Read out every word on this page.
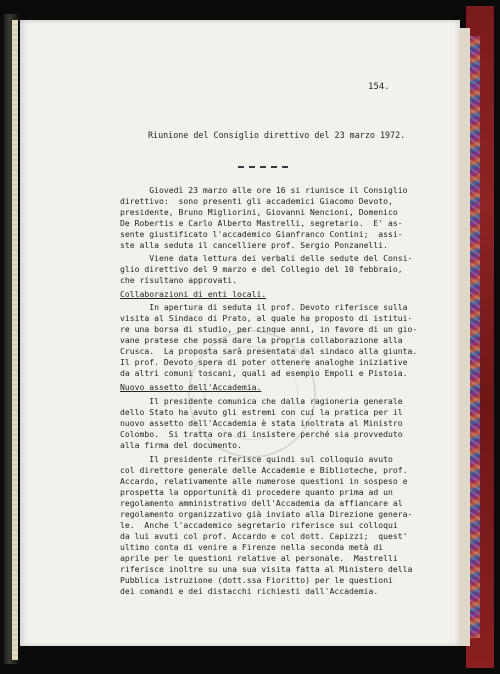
154.
Riunione del Consiglio direttivo del 23 marzo 1972.
Giovedì 23 marzo alle ore 16 si riunisce il Consiglio
direttivo:  sono presenti gli accademici Giacomo Devoto,
presidente, Bruno Migliorini, Giovanni Nencioni, Domenico
De Robertis e Carlo Alberto Mastrelli, segretario.  E' as-
sente giustificato l'accademico Gianfranco Contini;  assi-
ste alla seduta il cancelliere prof. Sergio Ponzanelli.
Viene data lettura dei verbali delle sedute del Consi-
glio direttivo del 9 marzo e del Collegio del 10 febbraio,
che risultano approvati.
Collaborazioni di enti locali.
In apertura di seduta il prof. Devoto riferisce sulla
visita al Sindaco di Prato, al quale ha proposto di istitui-
re una borsa di studio, per cinque anni, in favore di un gio-
vane pratese che possa dare la propria collaborazione alla
Crusca.  La proposta sarà presentata dal sindaco alla giunta.
Il prof. Devoto spera di poter ottenere analoghe iniziative
da altri comuni toscani, quali ad esempio Empoli e Pistoia.
Nuovo assetto dell'Accademia.
Il presidente comunica che dalla ragioneria generale
dello Stato ha avuto gli estremi con cui la pratica per il
nuovo assetto dell'Accademia è stata inoltrata al Ministro
Colombo.  Si tratta ora di insistere perché sia provveduto
alla firma del documento.
Il presidente riferisce quindi sul colloquio avuto
col direttore generale delle Accademie e Biblioteche, prof.
Accardo, relativamente alle numerose questioni in sospeso e
prospetta la opportunità di procedere quanto prima ad un
regolamento amministrativo dell'Accademia da affiancare al
regolamento organizzativo già inviato alla Direzione genera-
le.  Anche l'accademico segretario riferisce sui colloqui
da lui avuti col prof. Accardo e col dott. Capizzi;  quest'
ultimo conta di venire a Firenze nella seconda metà di
aprile per le questioni relative al personale.  Mastrelli
riferisce inoltre su una sua visita fatta al Ministero della
Pubblica istruzione (dott.ssa Fioritto) per le questioni
dei comandi e dei distacchi richiesti dall'Accademia.
